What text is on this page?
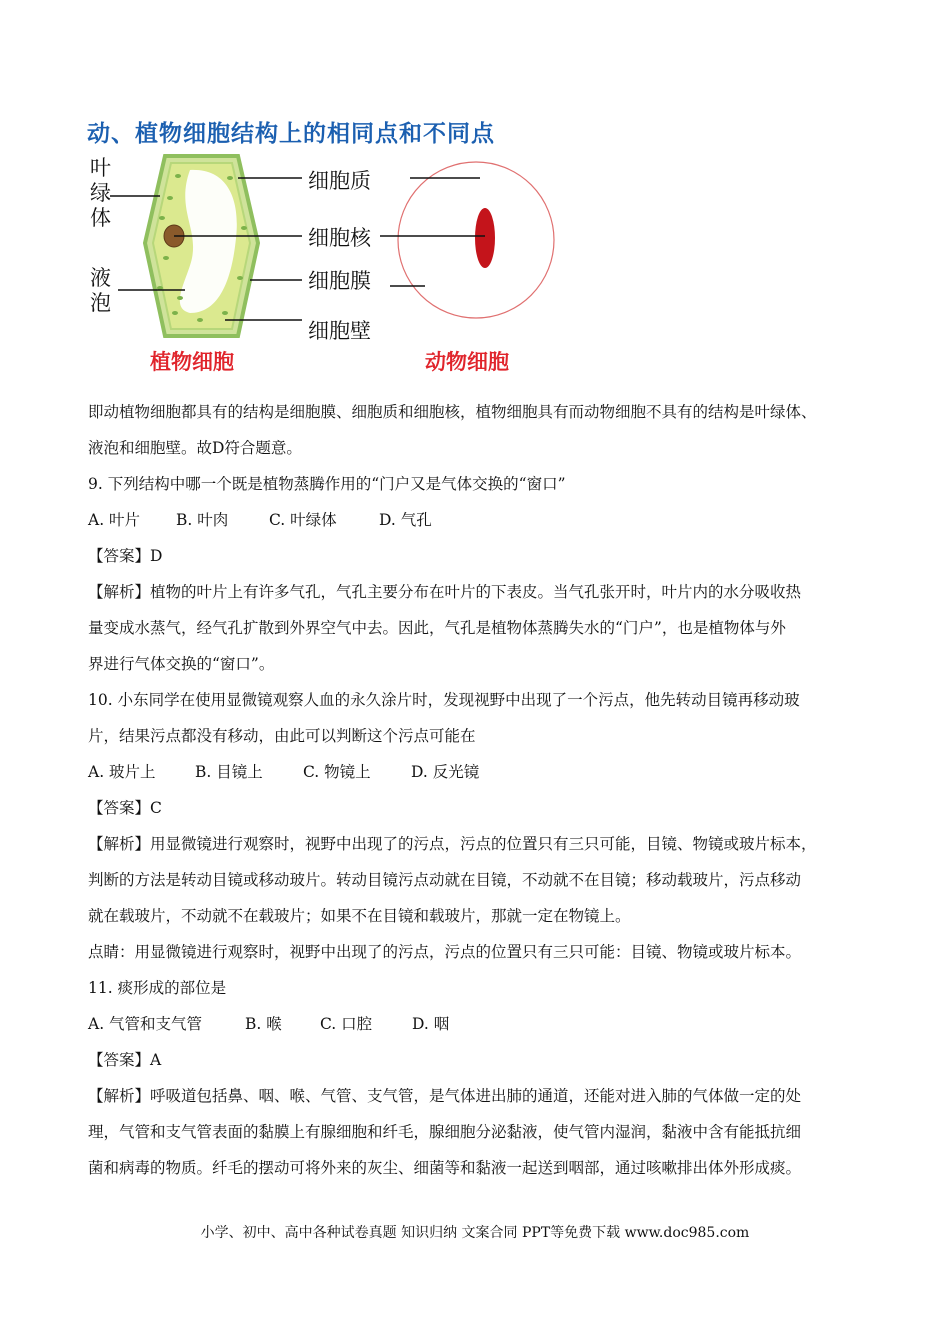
动、植物细胞结构上的相同点和不同点
叶
绿
体
液
泡
细胞质
细胞核
细胞膜
细胞壁
植物细胞	动物细胞
即动植物细胞都具有的结构是细胞膜、细胞质和细胞核，植物细胞具有而动物细胞不具有的结构是叶绿体、
液泡和细胞壁。故D符合题意。
9. 下列结构中哪一个既是植物蒸腾作用的“门户又是气体交换的“窗口”
A. 叶片	B. 叶肉	C. 叶绿体	D. 气孔
【答案】D
【解析】植物的叶片上有许多气孔，气孔主要分布在叶片的下表皮。当气孔张开时，叶片内的水分吸收热
量变成水蒸气，经气孔扩散到外界空气中去。因此，气孔是植物体蒸腾失水的“门户”，也是植物体与外
界进行气体交换的“窗口”。
10. 小东同学在使用显微镜观察人血的永久涂片时，发现视野中出现了一个污点，他先转动目镜再移动玻
片，结果污点都没有移动，由此可以判断这个污点可能在
A. 玻片上	B. 目镜上	C. 物镜上	D. 反光镜
【答案】C
【解析】用显微镜进行观察时，视野中出现了的污点，污点的位置只有三只可能，目镜、物镜或玻片标本，
判断的方法是转动目镜或移动玻片。转动目镜污点动就在目镜，不动就不在目镜；移动载玻片，污点移动
就在载玻片，不动就不在载玻片；如果不在目镜和载玻片，那就一定在物镜上。
点睛：用显微镜进行观察时，视野中出现了的污点，污点的位置只有三只可能：目镜、物镜或玻片标本。
11. 痰形成的部位是
A. 气管和支气管	B. 喉	C. 口腔	D. 咽
【答案】A
【解析】呼吸道包括鼻、咽、喉、气管、支气管，是气体进出肺的通道，还能对进入肺的气体做一定的处
理，气管和支气管表面的黏膜上有腺细胞和纤毛，腺细胞分泌黏液，使气管内湿润，黏液中含有能抵抗细
菌和病毒的物质。纤毛的摆动可将外来的灰尘、细菌等和黏液一起送到咽部，通过咳嗽排出体外形成痰。
小学、初中、高中各种试卷真题 知识归纳 文案合同 PPT等免费下载 www.doc985.com
